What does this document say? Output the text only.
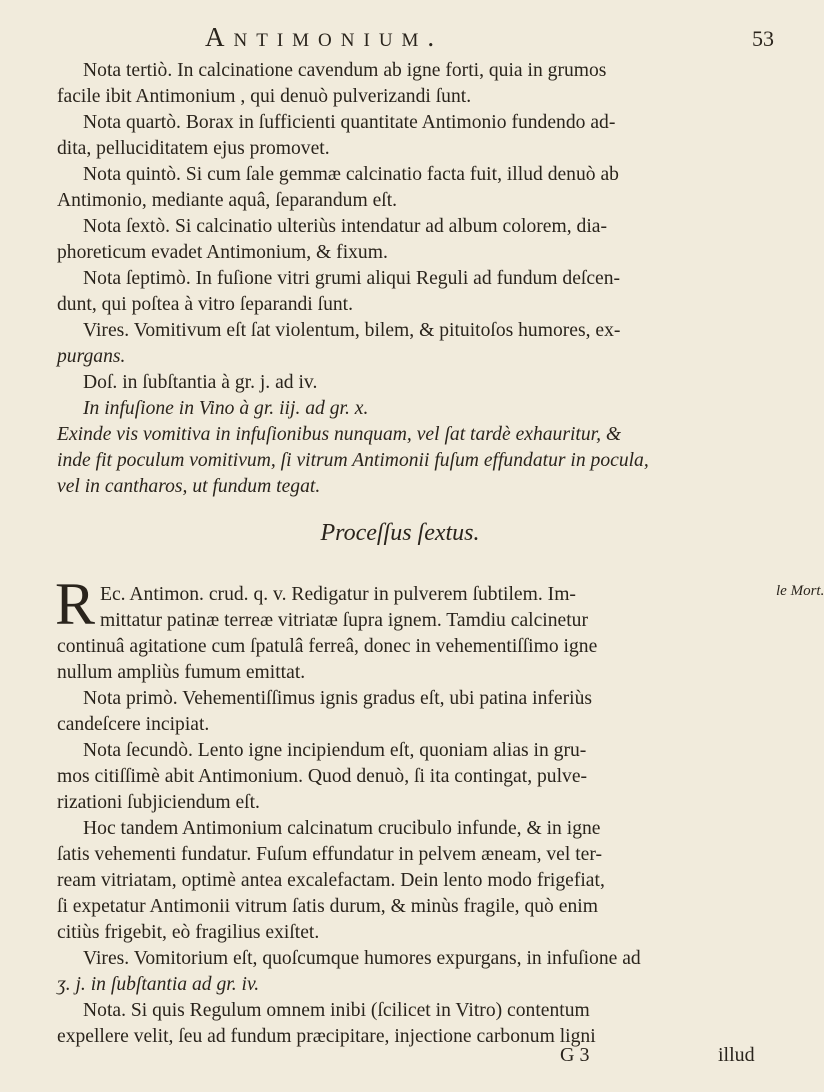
Antimonium.	53
Nota tertiò. In calcinatione cavendum ab igne forti, quia in grumos
facile ibit Antimonium , qui denuò pulverizandi ſunt.
Nota quartò. Borax in ſufficienti quantitate Antimonio fundendo ad-
dita, pelluciditatem ejus promovet.
Nota quintò. Si cum ſale gemmæ calcinatio facta fuit, illud denuò ab
Antimonio, mediante aquâ, ſeparandum eſt.
Nota ſextò. Si calcinatio ulteriùs intendatur ad album colorem, dia-
phoreticum evadet Antimonium, & fixum.
Nota ſeptimò. In fuſione vitri grumi aliqui Reguli ad fundum deſcen-
dunt, qui poſtea à vitro ſeparandi ſunt.
Vires. Vomitivum eſt ſat violentum, bilem, & pituitoſos humores, ex-
purgans.
Doſ. in ſubſtantia à gr. j. ad iv.
In infuſione in Vino à gr. iij. ad gr. x.
Exinde vis vomitiva in infuſionibus nunquam, vel ſat tardè exhauritur, &
inde fit poculum vomitivum, ſi vitrum Antimonii fuſum effundatur in pocula,
vel in cantharos, ut fundum tegat.
Proceſſus ſextus.
R	le Mort.
Ec. Antimon. crud. q. v. Redigatur in pulverem ſubtilem. Im-
mittatur patinæ terreæ vitriatæ ſupra ignem. Tamdiu calcinetur
continuâ agitatione cum ſpatulâ ferreâ, donec in vehementiſſimo igne
nullum ampliùs fumum emittat.
Nota primò. Vehementiſſimus ignis gradus eſt, ubi patina inferiùs
candeſcere incipiat.
Nota ſecundò. Lento igne incipiendum eſt, quoniam alias in gru-
mos citiſſimè abit Antimonium. Quod denuò, ſi ita contingat, pulve-
rizationi ſubjiciendum eſt.
Hoc tandem Antimonium calcinatum crucibulo infunde, & in igne
ſatis vehementi fundatur. Fuſum effundatur in pelvem æneam, vel ter-
ream vitriatam, optimè antea excalefactam. Dein lento modo frigefiat,
ſi expetatur Antimonii vitrum ſatis durum, & minùs fragile, quò enim
citiùs frigebit, eò fragilius exiſtet.
Vires. Vomitorium eſt, quoſcumque humores expurgans, in infuſione ad
ʒ. j. in ſubſtantia ad gr. iv.
Nota. Si quis Regulum omnem inibi (ſcilicet in Vitro) contentum
expellere velit, ſeu ad fundum præcipitare, injectione carbonum ligni
G 3	illud
